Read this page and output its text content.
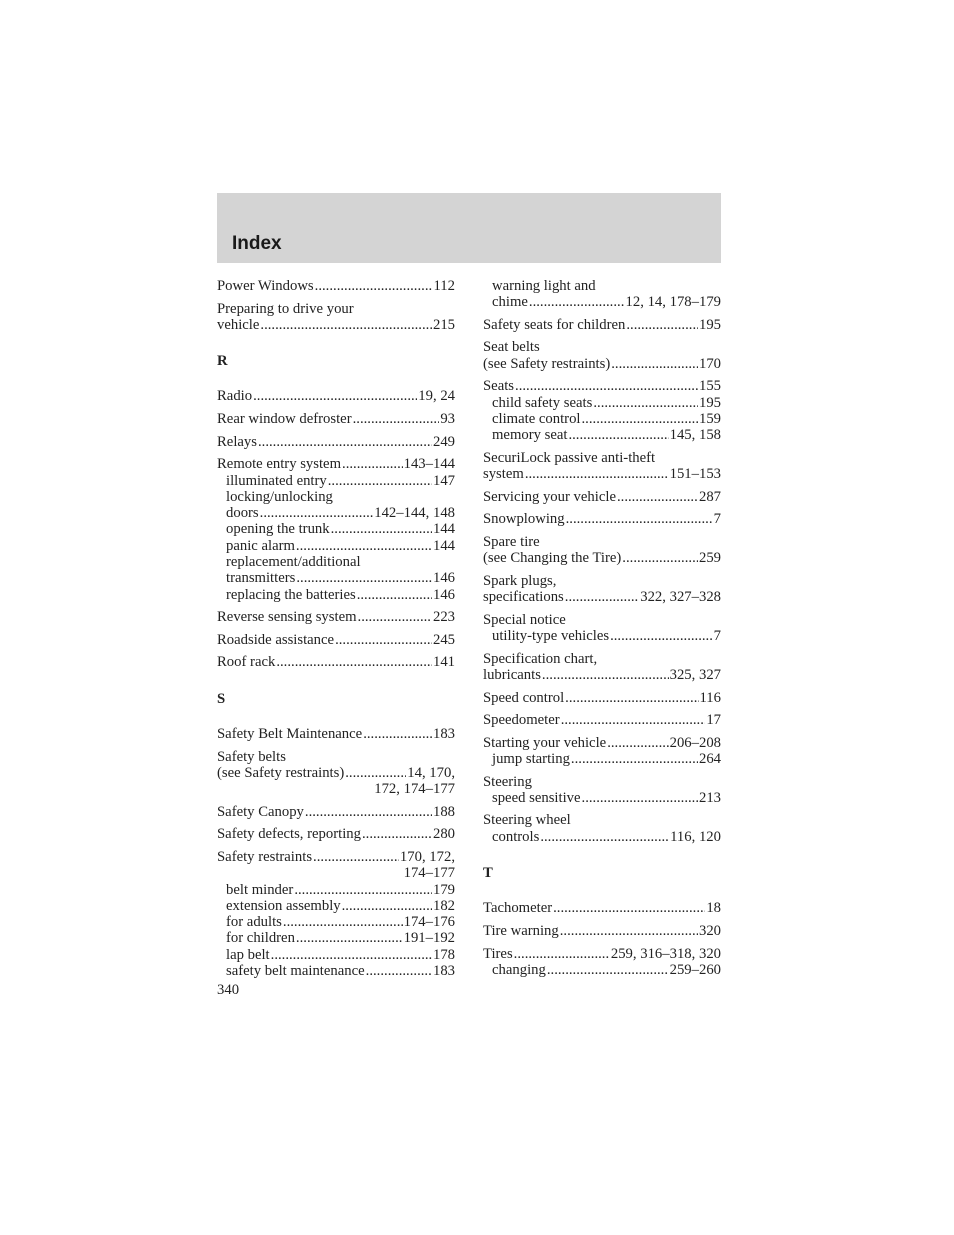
Index
Power Windows .....	112
Preparing to drive your
vehicle .....	215
R
Radio .....	19, 24
Rear window defroster .....	93
Relays .....	249
Remote entry system .....	143–144
illuminated entry .....	147
locking/unlocking
doors .....	142–144, 148
opening the trunk .....	144
panic alarm .....	144
replacement/additional
transmitters .....	146
replacing the batteries .....	146
Reverse sensing system .....	223
Roadside assistance .....	245
Roof rack .....	141
S
Safety Belt Maintenance .....	183
Safety belts
(see Safety restraints) .....	14, 170,
172, 174–177
Safety Canopy .....	188
Safety defects, reporting .....	280
Safety restraints .....	170, 172,
174–177
belt minder .....	179
extension assembly .....	182
for adults .....	174–176
for children .....	191–192
lap belt .....	178
safety belt maintenance .....	183
warning light and
chime .....	12, 14, 178–179
Safety seats for children .....	195
Seat belts
(see Safety restraints) .....	170
Seats .....	155
child safety seats .....	195
climate control .....	159
memory seat .....	145, 158
SecuriLock passive anti-theft
system .....	151–153
Servicing your vehicle .....	287
Snowplowing .....	7
Spare tire
(see Changing the Tire) .....	259
Spark plugs,
specifications .....	322, 327–328
Special notice
utility-type vehicles .....	7
Specification chart,
lubricants .....	325, 327
Speed control .....	116
Speedometer .....	17
Starting your vehicle .....	206–208
jump starting .....	264
Steering
speed sensitive .....	213
Steering wheel
controls .....	116, 120
T
Tachometer .....	18
Tire warning .....	320
Tires .....	259, 316–318, 320
changing .....	259–260
340
